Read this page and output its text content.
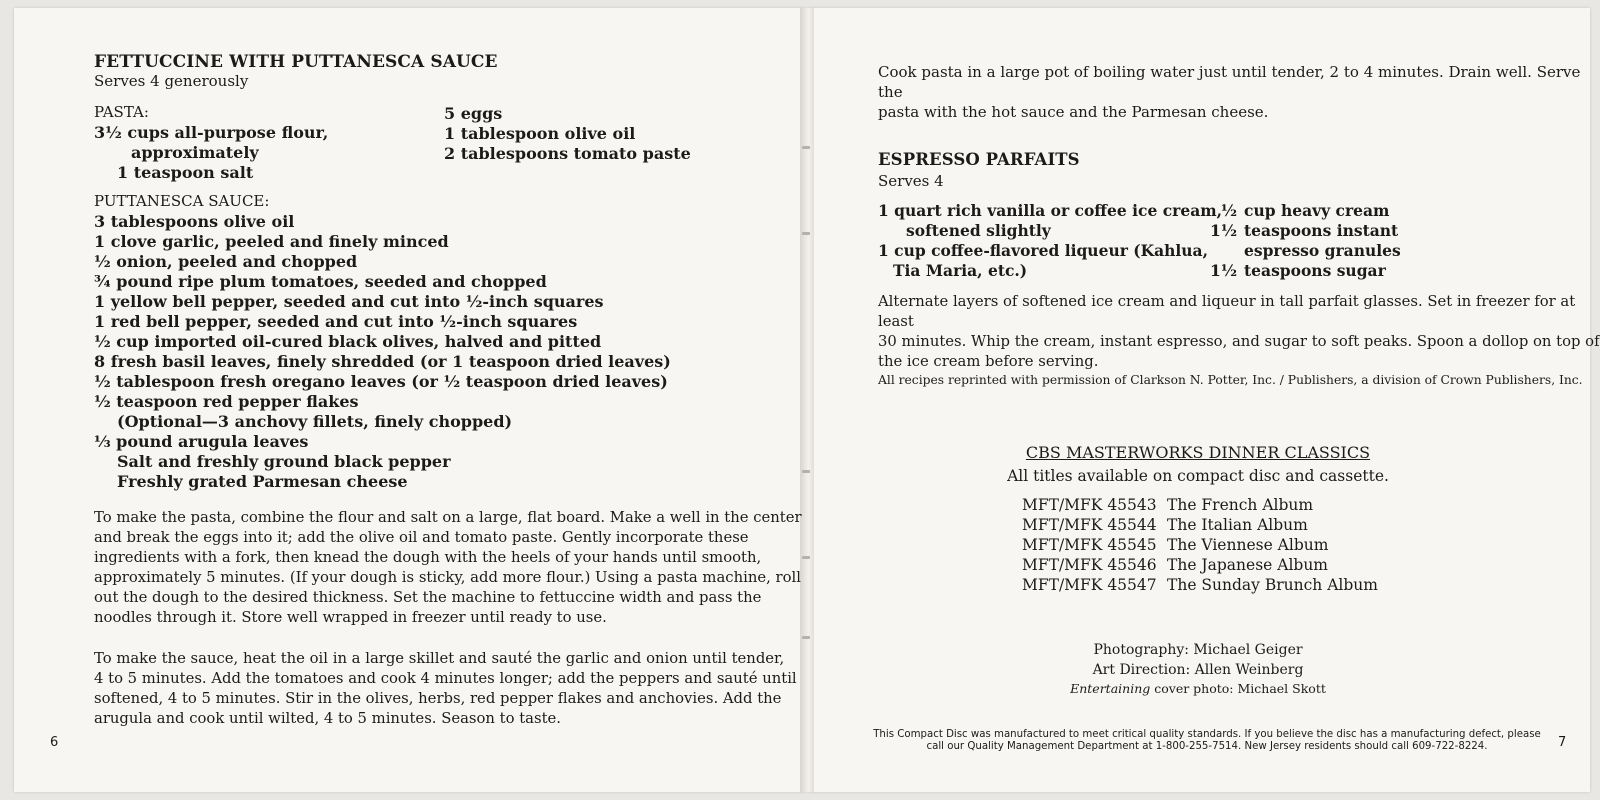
FETTUCCINE WITH PUTTANESCA SAUCE
Serves 4 generously
PASTA:
3½ cups all-purpose flour,
approximately
1 teaspoon salt
5 eggs
1 tablespoon olive oil
2 tablespoons tomato paste
PUTTANESCA SAUCE:
3 tablespoons olive oil
1 clove garlic, peeled and finely minced
½ onion, peeled and chopped
¾ pound ripe plum tomatoes, seeded and chopped
1 yellow bell pepper, seeded and cut into ½-inch squares
1 red bell pepper, seeded and cut into ½-inch squares
½ cup imported oil-cured black olives, halved and pitted
8 fresh basil leaves, finely shredded (or 1 teaspoon dried leaves)
½ tablespoon fresh oregano leaves (or ½ teaspoon dried leaves)
½ teaspoon red pepper flakes
(Optional—3 anchovy fillets, finely chopped)
⅓ pound arugula leaves
Salt and freshly ground black pepper
Freshly grated Parmesan cheese
To make the pasta, combine the flour and salt on a large, flat board. Make a well in the center
and break the eggs into it; add the olive oil and tomato paste. Gently incorporate these
ingredients with a fork, then knead the dough with the heels of your hands until smooth,
approximately 5 minutes. (If your dough is sticky, add more flour.) Using a pasta machine, roll
out the dough to the desired thickness. Set the machine to fettuccine width and pass the
noodles through it. Store well wrapped in freezer until ready to use.
To make the sauce, heat the oil in a large skillet and sauté the garlic and onion until tender,
4 to 5 minutes. Add the tomatoes and cook 4 minutes longer; add the peppers and sauté until
softened, 4 to 5 minutes. Stir in the olives, herbs, red pepper flakes and anchovies. Add the
arugula and cook until wilted, 4 to 5 minutes. Season to taste.
6
Cook pasta in a large pot of boiling water just until tender, 2 to 4 minutes. Drain well. Serve the
pasta with the hot sauce and the Parmesan cheese.
ESPRESSO PARFAITS
Serves 4
1 quart rich vanilla or coffee ice cream,
softened slightly
1 cup coffee-flavored liqueur (Kahlua,
Tia Maria, etc.)
½
1½
1½
cup heavy cream
teaspoons instant
espresso granules
teaspoons sugar
Alternate layers of softened ice cream and liqueur in tall parfait glasses. Set in freezer for at least
30 minutes. Whip the cream, instant espresso, and sugar to soft peaks. Spoon a dollop on top of
the ice cream before serving.
All recipes reprinted with permission of Clarkson N. Potter, Inc. / Publishers, a division of Crown Publishers, Inc.
CBS MASTERWORKS DINNER CLASSICS
All titles available on compact disc and cassette.
MFT/MFK 45543 The French Album
MFT/MFK 45544 The Italian Album
MFT/MFK 45545 The Viennese Album
MFT/MFK 45546 The Japanese Album
MFT/MFK 45547 The Sunday Brunch Album
Photography: Michael Geiger
Art Direction: Allen Weinberg
Entertaining cover photo: Michael Skott
This Compact Disc was manufactured to meet critical quality standards. If you believe the disc has a manufacturing defect, please
call our Quality Management Department at 1-800-255-7514. New Jersey residents should call 609-722-8224.	7
